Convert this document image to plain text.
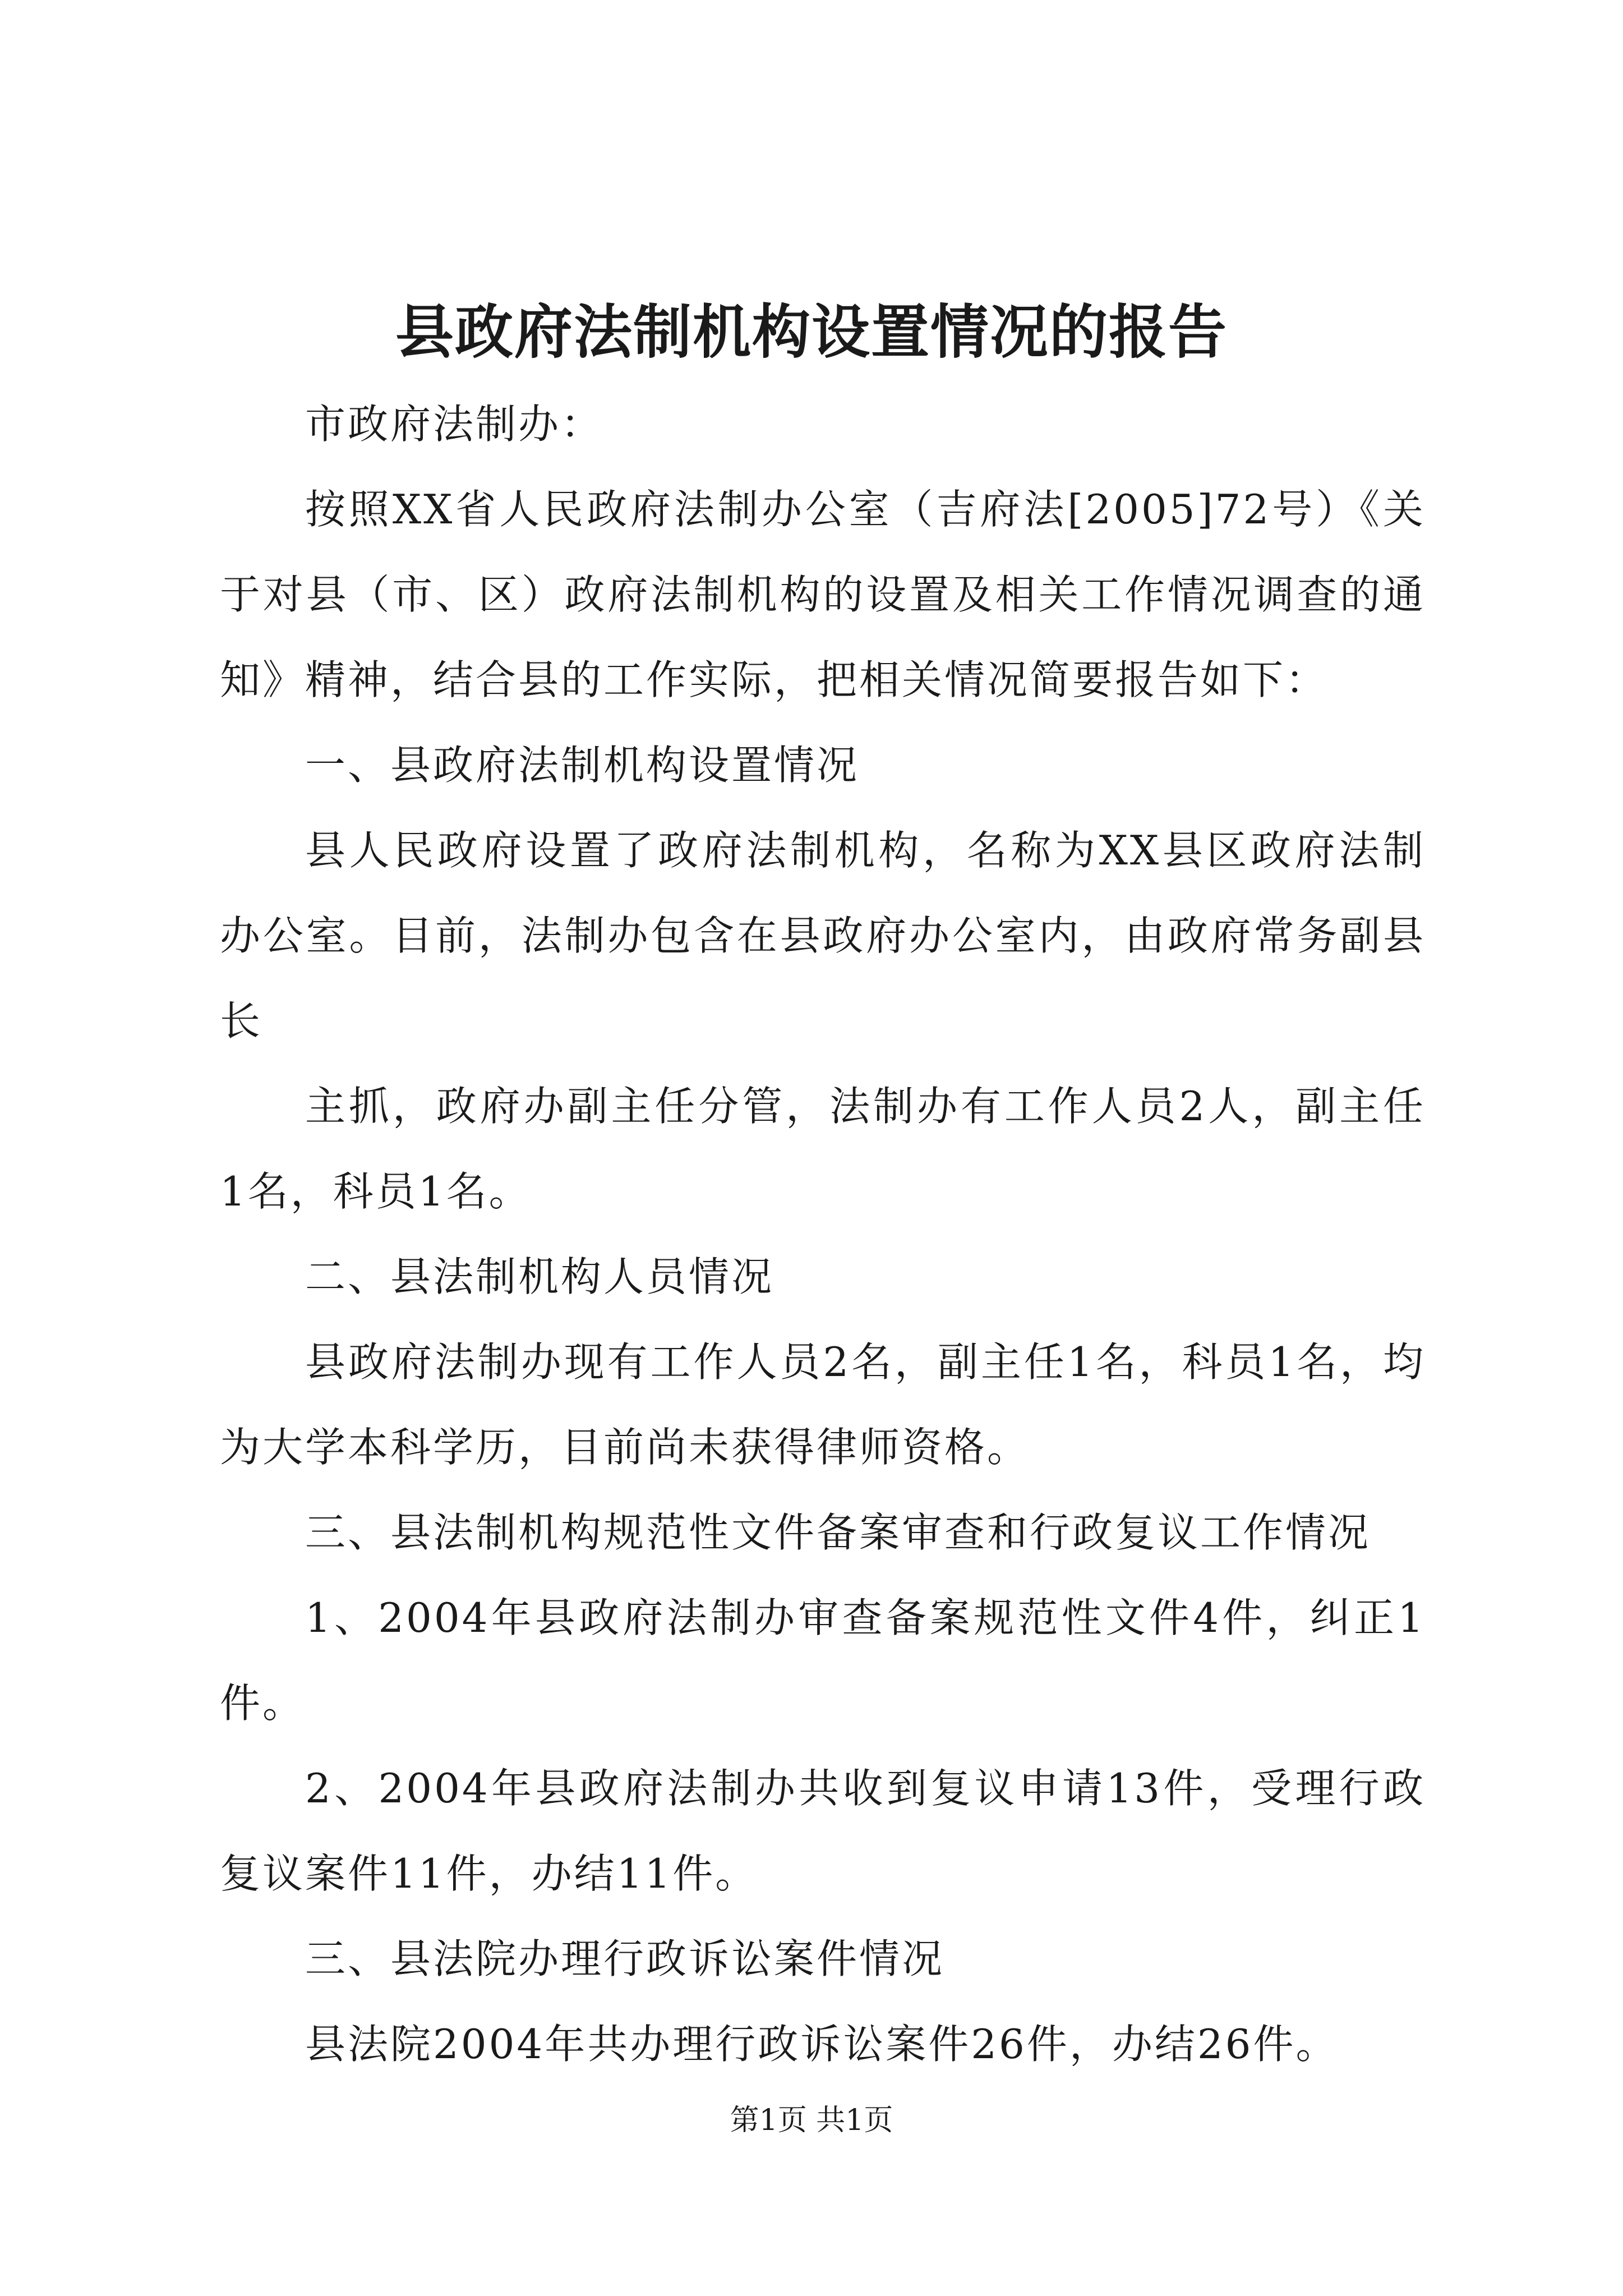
县政府法制机构设置情况的报告

市政府法制办：

按照XX省人民政府法制办公室（吉府法[2005]72号）《关于对县（市、区）政府法制机构的设置及相关工作情况调查的通知》精神，结合县的工作实际，把相关情况简要报告如下：

一、县政府法制机构设置情况

县人民政府设置了政府法制机构，名称为XX县区政府法制办公室。目前，法制办包含在县政府办公室内，由政府常务副县长

主抓，政府办副主任分管，法制办有工作人员2人，副主任1名，科员1名。

二、县法制机构人员情况

县政府法制办现有工作人员2名，副主任1名，科员1名，均为大学本科学历，目前尚未获得律师资格。

三、县法制机构规范性文件备案审查和行政复议工作情况

1、2004年县政府法制办审查备案规范性文件4件，纠正1件。

2、2004年县政府法制办共收到复议申请13件，受理行政复议案件11件，办结11件。

三、县法院办理行政诉讼案件情况

县法院2004年共办理行政诉讼案件26件，办结26件。

第1页 共1页
